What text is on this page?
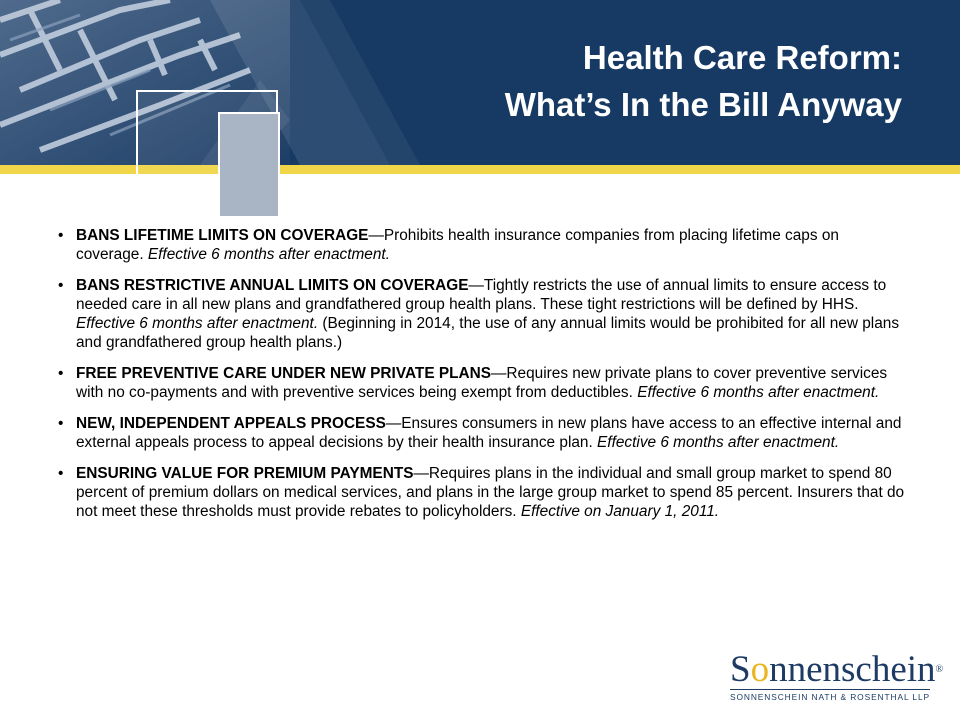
Health Care Reform:
What’s In the Bill Anyway
• BANS LIFETIME LIMITS ON COVERAGE—Prohibits health insurance companies from placing lifetime caps on coverage. Effective 6 months after enactment.
• BANS RESTRICTIVE ANNUAL LIMITS ON COVERAGE—Tightly restricts the use of annual limits to ensure access to needed care in all new plans and grandfathered group health plans. These tight restrictions will be defined by HHS. Effective 6 months after enactment. (Beginning in 2014, the use of any annual limits would be prohibited for all new plans and grandfathered group health plans.)
• FREE PREVENTIVE CARE UNDER NEW PRIVATE PLANS—Requires new private plans to cover preventive services with no co-payments and with preventive services being exempt from deductibles. Effective 6 months after enactment.
• NEW, INDEPENDENT APPEALS PROCESS—Ensures consumers in new plans have access to an effective internal and external appeals process to appeal decisions by their health insurance plan. Effective 6 months after enactment.
• ENSURING VALUE FOR PREMIUM PAYMENTS—Requires plans in the individual and small group market to spend 80 percent of premium dollars on medical services, and plans in the large group market to spend 85 percent. Insurers that do not meet these thresholds must provide rebates to policyholders. Effective on January 1, 2011.
Sonnenschein®
SONNENSCHEIN NATH & ROSENTHAL LLP
